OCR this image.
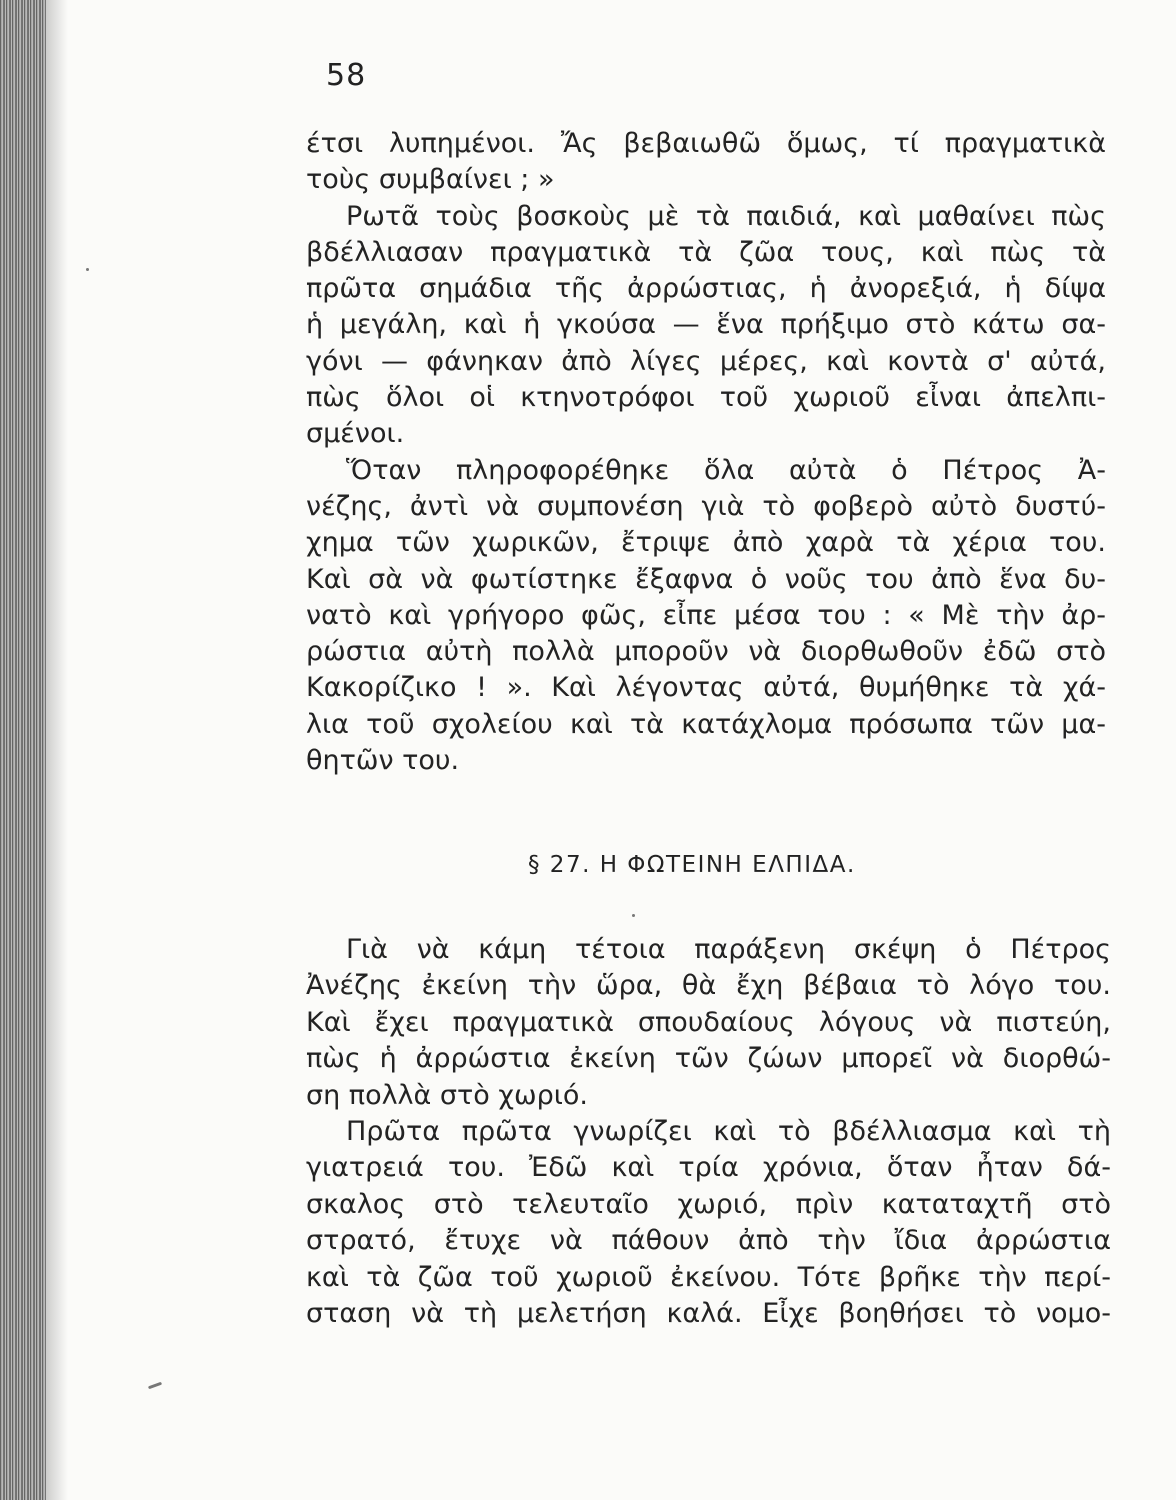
58
έτσι λυπημένοι. Ἄς βεβαιωθῶ ὅμως, τί πραγματικὰ
τοὺς συμβαίνει ; »
Ρωτᾶ τοὺς βοσκοὺς μὲ τὰ παιδιά, καὶ μαθαίνει πὼς
βδέλλιασαν πραγματικὰ τὰ ζῶα τους, καὶ πὼς τὰ
πρῶτα σημάδια τῆς ἀρρώστιας, ἡ ἀνορεξιά, ἡ δίψα
ἡ μεγάλη, καὶ ἡ γκούσα — ἕνα πρήξιμο στὸ κάτω σα-
γόνι — φάνηκαν ἀπὸ λίγες μέρες, καὶ κοντὰ σ' αὐτά,
πὼς ὅλοι οἱ κτηνοτρόφοι τοῦ χωριοῦ εἶναι ἀπελπι-
σμένοι.
Ὅταν πληροφορέθηκε ὅλα αὐτὰ ὁ Πέτρος Ἀ-
νέζης, ἀντὶ νὰ συμπονέση γιὰ τὸ φοβερὸ αὐτὸ δυστύ-
χημα τῶν χωρικῶν, ἔτριψε ἀπὸ χαρὰ τὰ χέρια του.
Καὶ σὰ νὰ φωτίστηκε ἔξαφνα ὁ νοῦς του ἀπὸ ἕνα δυ-
νατὸ καὶ γρήγορο φῶς, εἶπε μέσα του : « Μὲ τὴν ἀρ-
ρώστια αὐτὴ πολλὰ μποροῦν νὰ διορθωθοῦν ἐδῶ στὸ
Κακορίζικο ! ». Καὶ λέγοντας αὐτά, θυμήθηκε τὰ χά-
λια τοῦ σχολείου καὶ τὰ κατάχλομα πρόσωπα τῶν μα-
θητῶν του.
§ 27. Η ΦΩΤΕΙΝΗ ΕΛΠΙΔΑ.
Γιὰ νὰ κάμη τέτοια παράξενη σκέψη ὁ Πέτρος
Ἀνέζης ἐκείνη τὴν ὥρα, θὰ ἔχη βέβαια τὸ λόγο του.
Καὶ ἔχει πραγματικὰ σπουδαίους λόγους νὰ πιστεύη,
πὼς ἡ ἀρρώστια ἐκείνη τῶν ζώων μπορεῖ νὰ διορθώ-
ση πολλὰ στὸ χωριό.
Πρῶτα πρῶτα γνωρίζει καὶ τὸ βδέλλιασμα καὶ τὴ
γιατρειά του. Ἐδῶ καὶ τρία χρόνια, ὅταν ἦταν δά-
σκαλος στὸ τελευταῖο χωριό, πρὶν καταταχτῆ στὸ
στρατό, ἔτυχε νὰ πάθουν ἀπὸ τὴν ἴδια ἀρρώστια
καὶ τὰ ζῶα τοῦ χωριοῦ ἐκείνου. Τότε βρῆκε τὴν περί-
σταση νὰ τὴ μελετήση καλά. Εἶχε βοηθήσει τὸ νομο-
